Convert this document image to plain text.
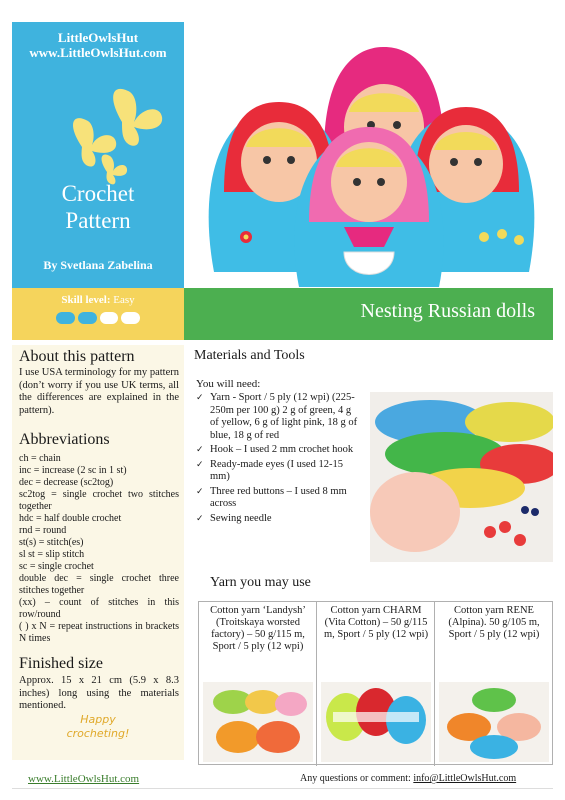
LittleOwlsHut
www.LittleOwlsHut.com
Crochet
Pattern
By Svetlana Zabelina
Skill level: Easy	Nesting Russian dolls
About this pattern
I use USA terminology for my pattern (don’t worry if you use UK terms, all the differences are explained in the pattern).
Abbreviations
ch = chain
inc = increase (2 sc in 1 st)
dec = decrease (sc2tog)
sc2tog = single crochet two stitches together
hdc = half double crochet
rnd = round
st(s) = stitch(es)
sl st = slip stitch
sc = single crochet
double dec = single crochet three stitches together
(xx) – count of stitches in this row/round
( ) x N = repeat instructions in brackets N times
Finished size
Approx. 15 x 21 cm (5.9 x 8.3 inches) long using the materials mentioned.
Happy
crocheting!
Materials and Tools
You will need:
✓ Yarn - Sport / 5 ply (12 wpi) (225-250m per 100 g) 2 g of green, 4 g of yellow, 6 g of light pink, 18 g of blue, 18 g of red
✓ Hook – I used 2 mm crochet hook
✓ Ready-made eyes (I used 12-15 mm)
✓ Three red buttons – I used 8 mm across
✓ Sewing needle
Yarn you may use
Cotton yarn ‘Landysh’ (Troitskaya worsted factory) – 50 g/115 m, Sport / 5 ply (12 wpi)
Cotton yarn CHARM (Vita Cotton) – 50 g/115 m, Sport / 5 ply (12 wpi)
Cotton yarn RENE (Alpina). 50 g/105 m, Sport / 5 ply (12 wpi)
www.LittleOwlsHut.com	Any questions or comment: info@LittleOwlsHut.com
